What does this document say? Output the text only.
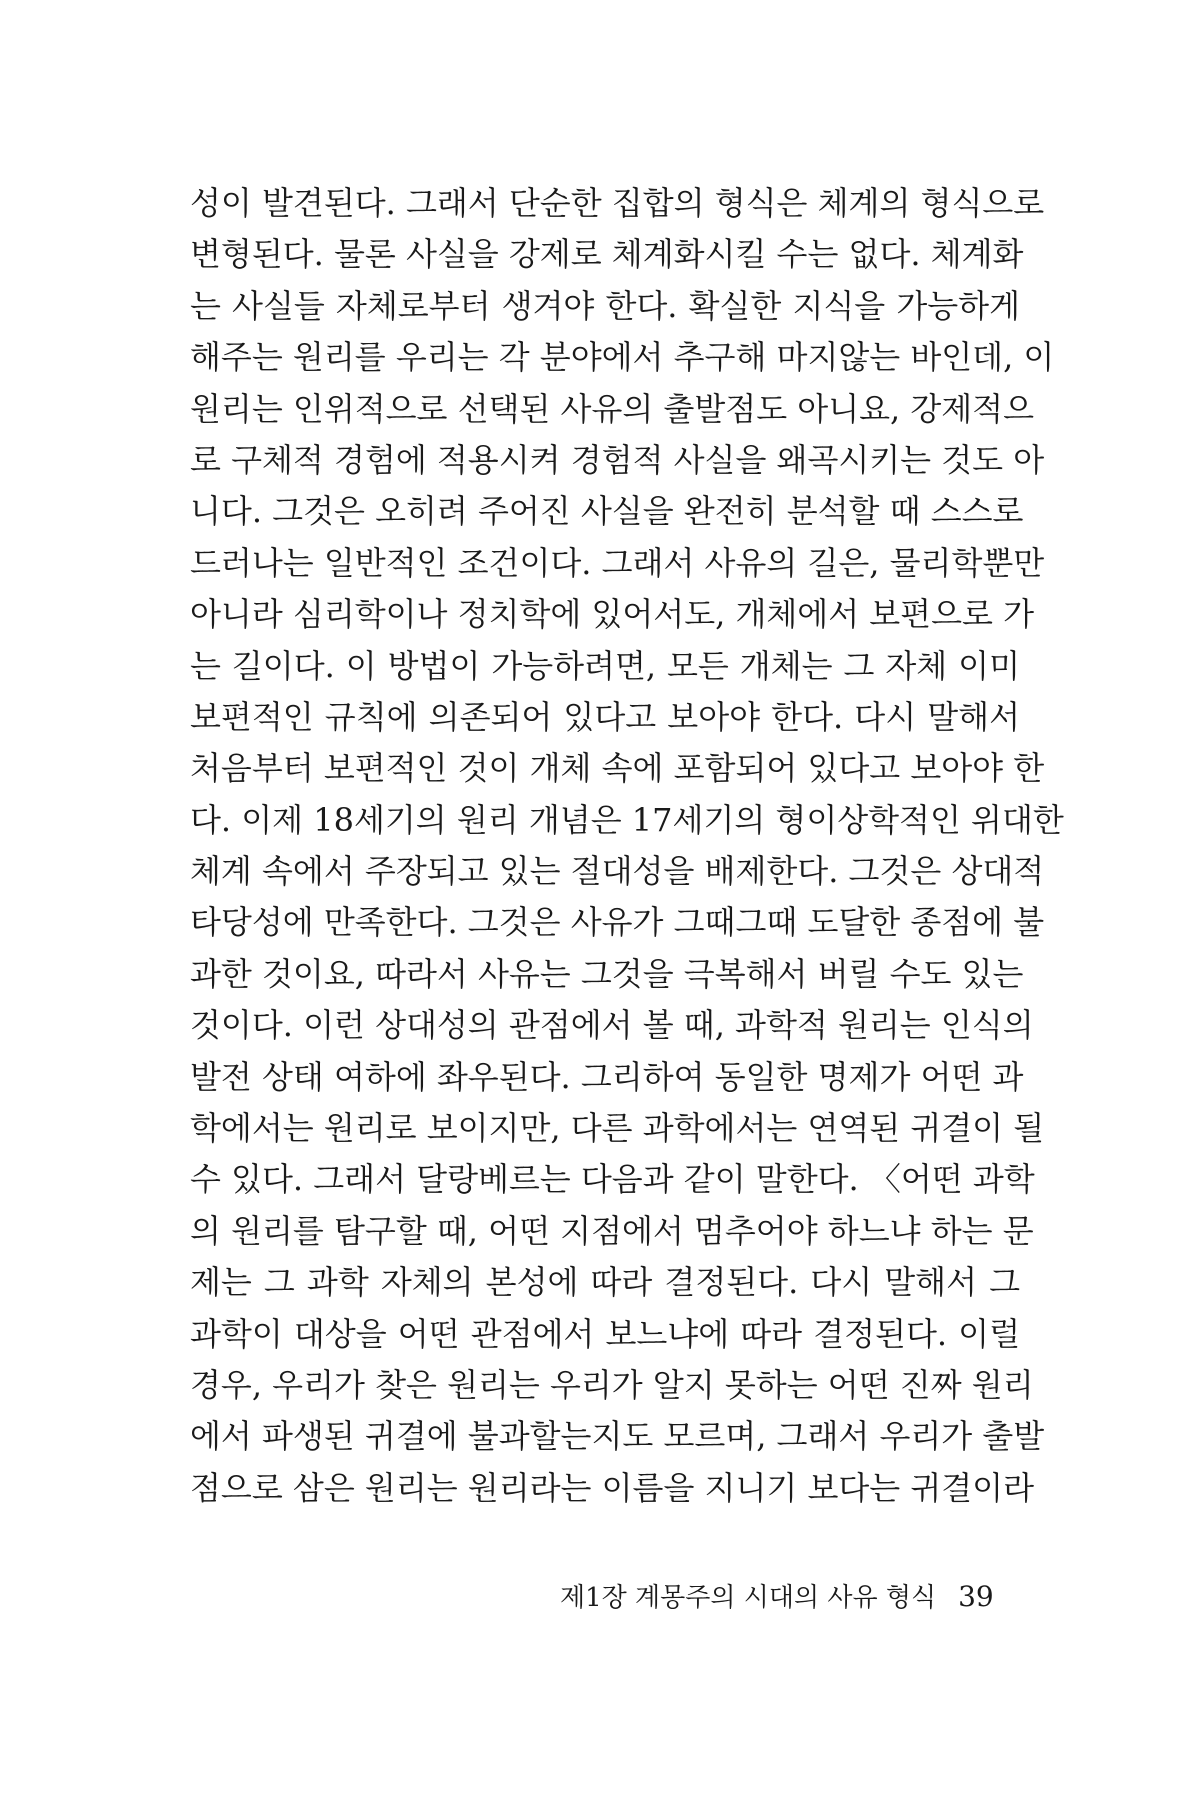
성이 발견된다. 그래서 단순한 집합의 형식은 체계의 형식으로
변형된다. 물론 사실을 강제로 체계화시킬 수는 없다. 체계화
는 사실들 자체로부터 생겨야 한다. 확실한 지식을 가능하게
해주는 원리를 우리는 각 분야에서 추구해 마지않는 바인데, 이
원리는 인위적으로 선택된 사유의 출발점도 아니요, 강제적으
로 구체적 경험에 적용시켜 경험적 사실을 왜곡시키는 것도 아
니다. 그것은 오히려 주어진 사실을 완전히 분석할 때 스스로
드러나는 일반적인 조건이다. 그래서 사유의 길은, 물리학뿐만
아니라 심리학이나 정치학에 있어서도, 개체에서 보편으로 가
는 길이다. 이 방법이 가능하려면, 모든 개체는 그 자체 이미
보편적인 규칙에 의존되어 있다고 보아야 한다. 다시 말해서
처음부터 보편적인 것이 개체 속에 포함되어 있다고 보아야 한
다. 이제 18세기의 원리 개념은 17세기의 형이상학적인 위대한
체계 속에서 주장되고 있는 절대성을 배제한다. 그것은 상대적
타당성에 만족한다. 그것은 사유가 그때그때 도달한 종점에 불
과한 것이요, 따라서 사유는 그것을 극복해서 버릴 수도 있는
것이다. 이런 상대성의 관점에서 볼 때, 과학적 원리는 인식의
발전 상태 여하에 좌우된다. 그리하여 동일한 명제가 어떤 과
학에서는 원리로 보이지만, 다른 과학에서는 연역된 귀결이 될
수 있다. 그래서 달랑베르는 다음과 같이 말한다. 〈어떤 과학
의 원리를 탐구할 때, 어떤 지점에서 멈추어야 하느냐 하는 문
제는 그 과학 자체의 본성에 따라 결정된다. 다시 말해서 그
과학이 대상을 어떤 관점에서 보느냐에 따라 결정된다. 이럴
경우, 우리가 찾은 원리는 우리가 알지 못하는 어떤 진짜 원리
에서 파생된 귀결에 불과할는지도 모르며, 그래서 우리가 출발
점으로 삼은 원리는 원리라는 이름을 지니기 보다는 귀결이라
제1장 계몽주의 시대의 사유 형식 39
